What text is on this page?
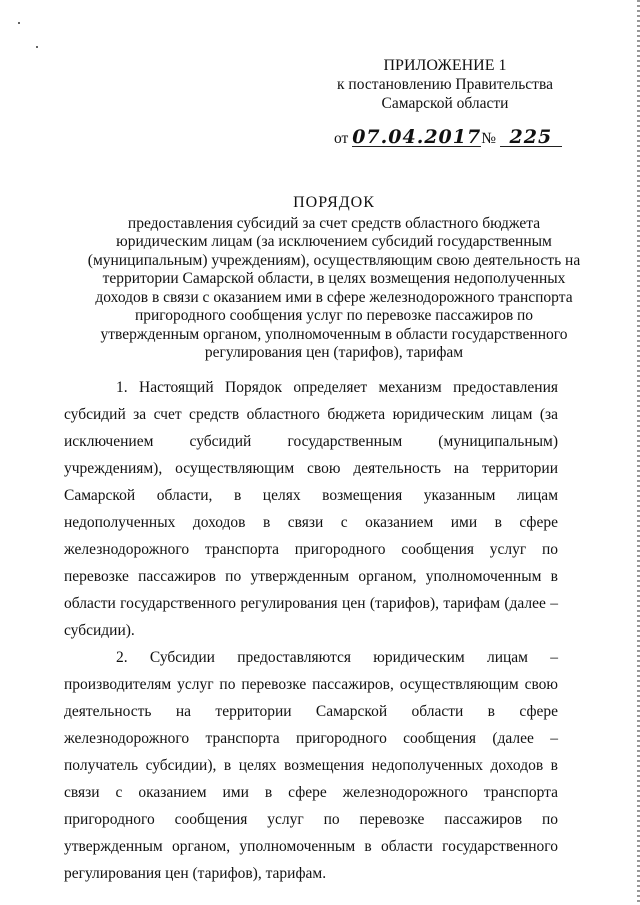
ПРИЛОЖЕНИЕ 1
к постановлению Правительства
Самарской области
от 07.04.2017№ 225
ПОРЯДОК
предоставления субсидий за счет средств областного бюджета
юридическим лицам (за исключением субсидий государственным
(муниципальным) учреждениям), осуществляющим свою деятельность на
территории Самарской области, в целях возмещения недополученных
доходов в связи с оказанием ими в сфере железнодорожного транспорта
пригородного сообщения услуг по перевозке пассажиров по
утвержденным органом, уполномоченным в области государственного
регулирования цен (тарифов), тарифам

1. Настоящий Порядок определяет механизм предоставления субсидий за счет средств областного бюджета юридическим лицам (за исключением субсидий государственным (муниципальным) учреждениям), осуществляющим свою деятельность на территории Самарской области, в целях возмещения указанным лицам недополученных доходов в связи с оказанием ими в сфере железнодорожного транспорта пригородного сообщения услуг по перевозке пассажиров по утвержденным органом, уполномоченным в области государственного регулирования цен (тарифов), тарифам (далее – субсидии).

2. Субсидии предоставляются юридическим лицам – производителям услуг по перевозке пассажиров, осуществляющим свою деятельность на территории Самарской области в сфере железнодорожного транспорта пригородного сообщения (далее – получатель субсидии), в целях возмещения недополученных доходов в связи с оказанием ими в сфере железнодорожного транспорта пригородного сообщения услуг по перевозке пассажиров по утвержденным органом, уполномоченным в области государственного регулирования цен (тарифов), тарифам.
